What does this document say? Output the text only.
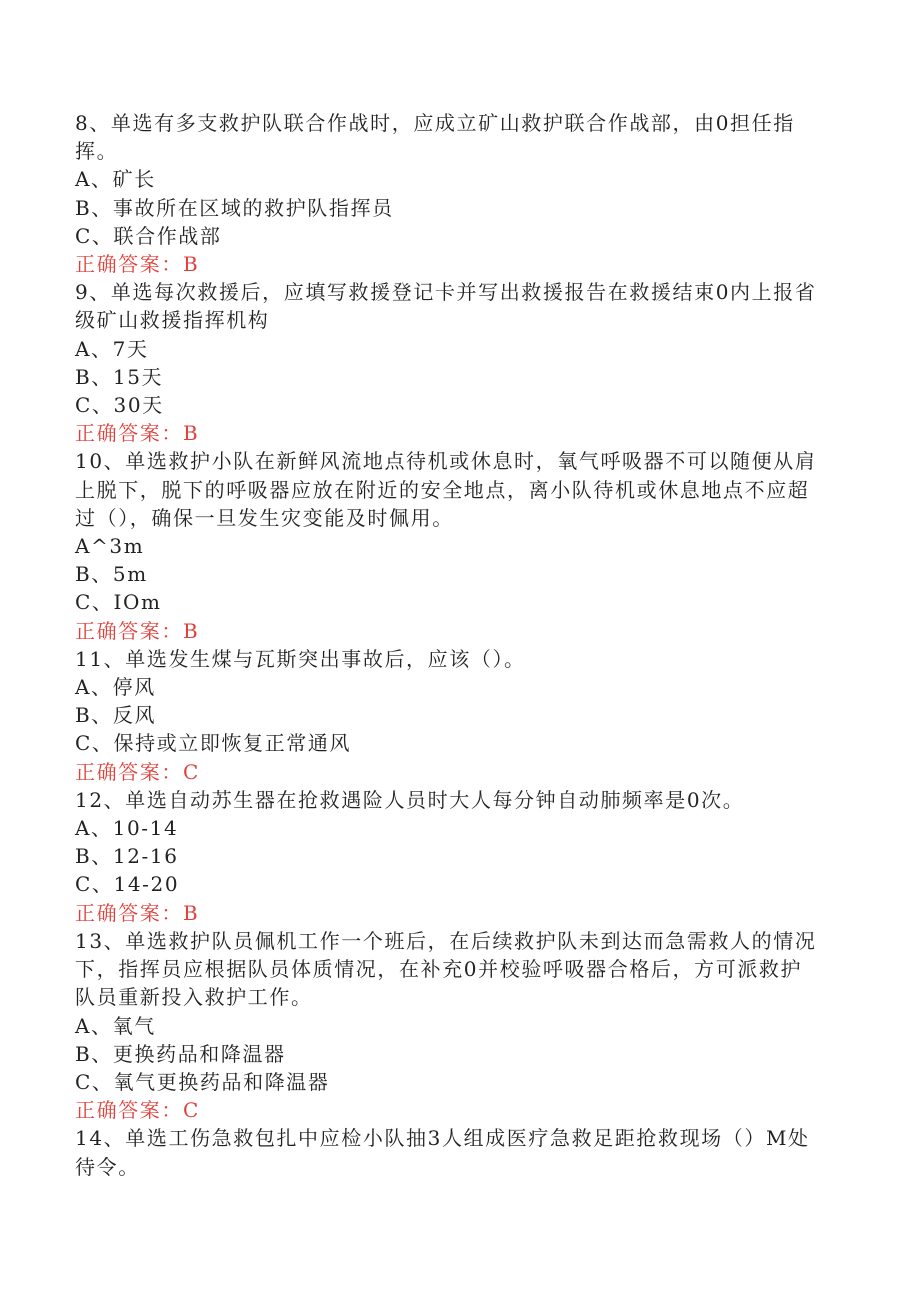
8、单选有多支救护队联合作战时，应成立矿山救护联合作战部，由0担任指
挥。
A、矿长
B、事故所在区域的救护队指挥员
C、联合作战部
正确答案：B
9、单选每次救援后，应填写救援登记卡并写出救援报告在救援结束0内上报省
级矿山救援指挥机构
A、7天
B、15天
C、30天
正确答案：B
10、单选救护小队在新鲜风流地点待机或休息时，氧气呼吸器不可以随便从肩
上脱下，脱下的呼吸器应放在附近的安全地点，离小队待机或休息地点不应超
过（），确保一旦发生灾变能及时佩用。
A^3m
B、5m
C、IOm
正确答案：B
11、单选发生煤与瓦斯突出事故后，应该（）。
A、停风
B、反风
C、保持或立即恢复正常通风
正确答案：C
12、单选自动苏生器在抢救遇险人员时大人每分钟自动肺频率是0次。
A、10-14
B、12-16
C、14-20
正确答案：B
13、单选救护队员佩机工作一个班后，在后续救护队未到达而急需救人的情况
下，指挥员应根据队员体质情况，在补充0并校验呼吸器合格后，方可派救护
队员重新投入救护工作。
A、氧气
B、更换药品和降温器
C、氧气更换药品和降温器
正确答案：C
14、单选工伤急救包扎中应检小队抽3人组成医疗急救足距抢救现场（）M处
待令。
